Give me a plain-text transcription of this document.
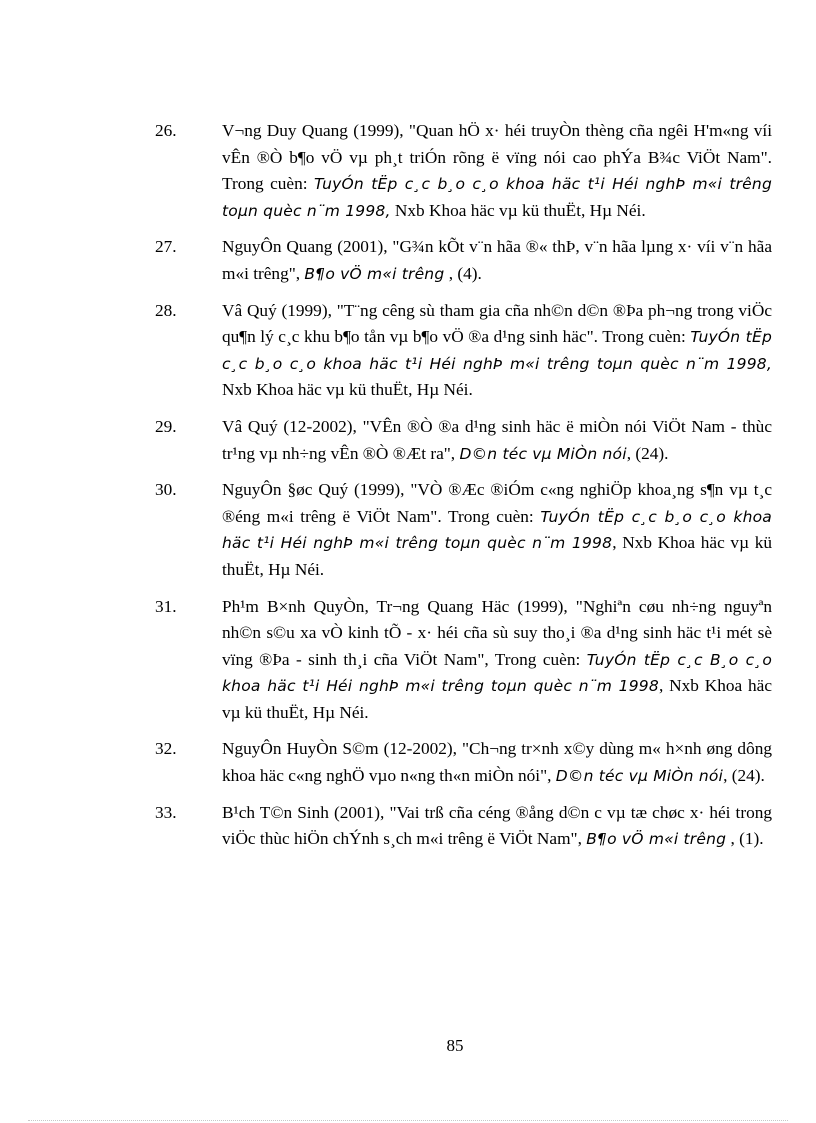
26.	V¬ng Duy Quang (1999), "Quan hÖ x· héi truyÒn thèng cña ngêi H'm«ng víi vÊn ®Ò b¶o vÖ vµ ph¸t triÓn rõng ë vïng nói cao phÝa B¾c ViÖt Nam". Trong cuèn: TuyÓn tËp c¸c b¸o c¸o khoa häc t¹i Héi nghÞ m«i trêng toµn quèc n¨m 1998, Nxb Khoa häc vµ kü thuËt, Hµ Néi.
27.	NguyÔn Quang (2001), "G¾n kÕt v¨n hãa ®« thÞ, v¨n hãa lµng x· víi v¨n hãa m«i trêng", B¶o vÖ m«i trêng , (4).
28.	Vâ Quý (1999), "T¨ng cêng sù tham gia cña nh©n d©n ®Þa ph¬ng trong viÖc qu¶n lý c¸c khu b¶o tån vµ b¶o vÖ ®a d¹ng sinh häc". Trong cuèn: TuyÓn tËp c¸c b¸o c¸o khoa häc t¹i Héi nghÞ m«i trêng toµn quèc n¨m 1998, Nxb Khoa häc vµ kü thuËt, Hµ Néi.
29.	Vâ Quý (12-2002), "VÊn ®Ò ®a d¹ng sinh häc ë miÒn nói ViÖt Nam - thùc tr¹ng vµ nh÷ng vÊn ®Ò ®Æt ra", D©n téc vµ MiÒn nói, (24).
30.	NguyÔn §øc Quý (1999), "VÒ ®Æc ®iÓm c«ng nghiÖp khoa¸ng s¶n vµ t¸c ®éng m«i trêng ë ViÖt Nam". Trong cuèn: TuyÓn tËp c¸c b¸o c¸o khoa häc t¹i Héi nghÞ m«i trêng toµn quèc n¨m 1998, Nxb Khoa häc vµ kü thuËt, Hµ Néi.
31.	Ph¹m B×nh QuyÒn, Tr¬ng Quang Häc (1999), "Nghiªn cøu nh÷ng nguyªn nh©n s©u xa vÒ kinh tÕ - x· héi cña sù suy tho¸i ®a d¹ng sinh häc t¹i mét sè vïng ®Þa - sinh th¸i cña ViÖt Nam", Trong cuèn: TuyÓn tËp c¸c B¸o c¸o khoa häc t¹i Héi nghÞ m«i trêng toµn quèc n¨m 1998, Nxb Khoa häc vµ kü thuËt, Hµ Néi.
32.	NguyÔn HuyÒn S©m (12-2002), "Ch¬ng tr×nh x©y dùng m« h×nh øng dông khoa häc c«ng nghÖ vµo n«ng th«n miÒn nói", D©n téc vµ MiÒn nói, (24).
33.	B¹ch T©n Sinh (2001), "Vai trß cña céng ®ång d©n c vµ tæ chøc x· héi trong viÖc thùc hiÖn chÝnh s¸ch m«i trêng ë ViÖt Nam", B¶o vÖ m«i trêng , (1).
85
